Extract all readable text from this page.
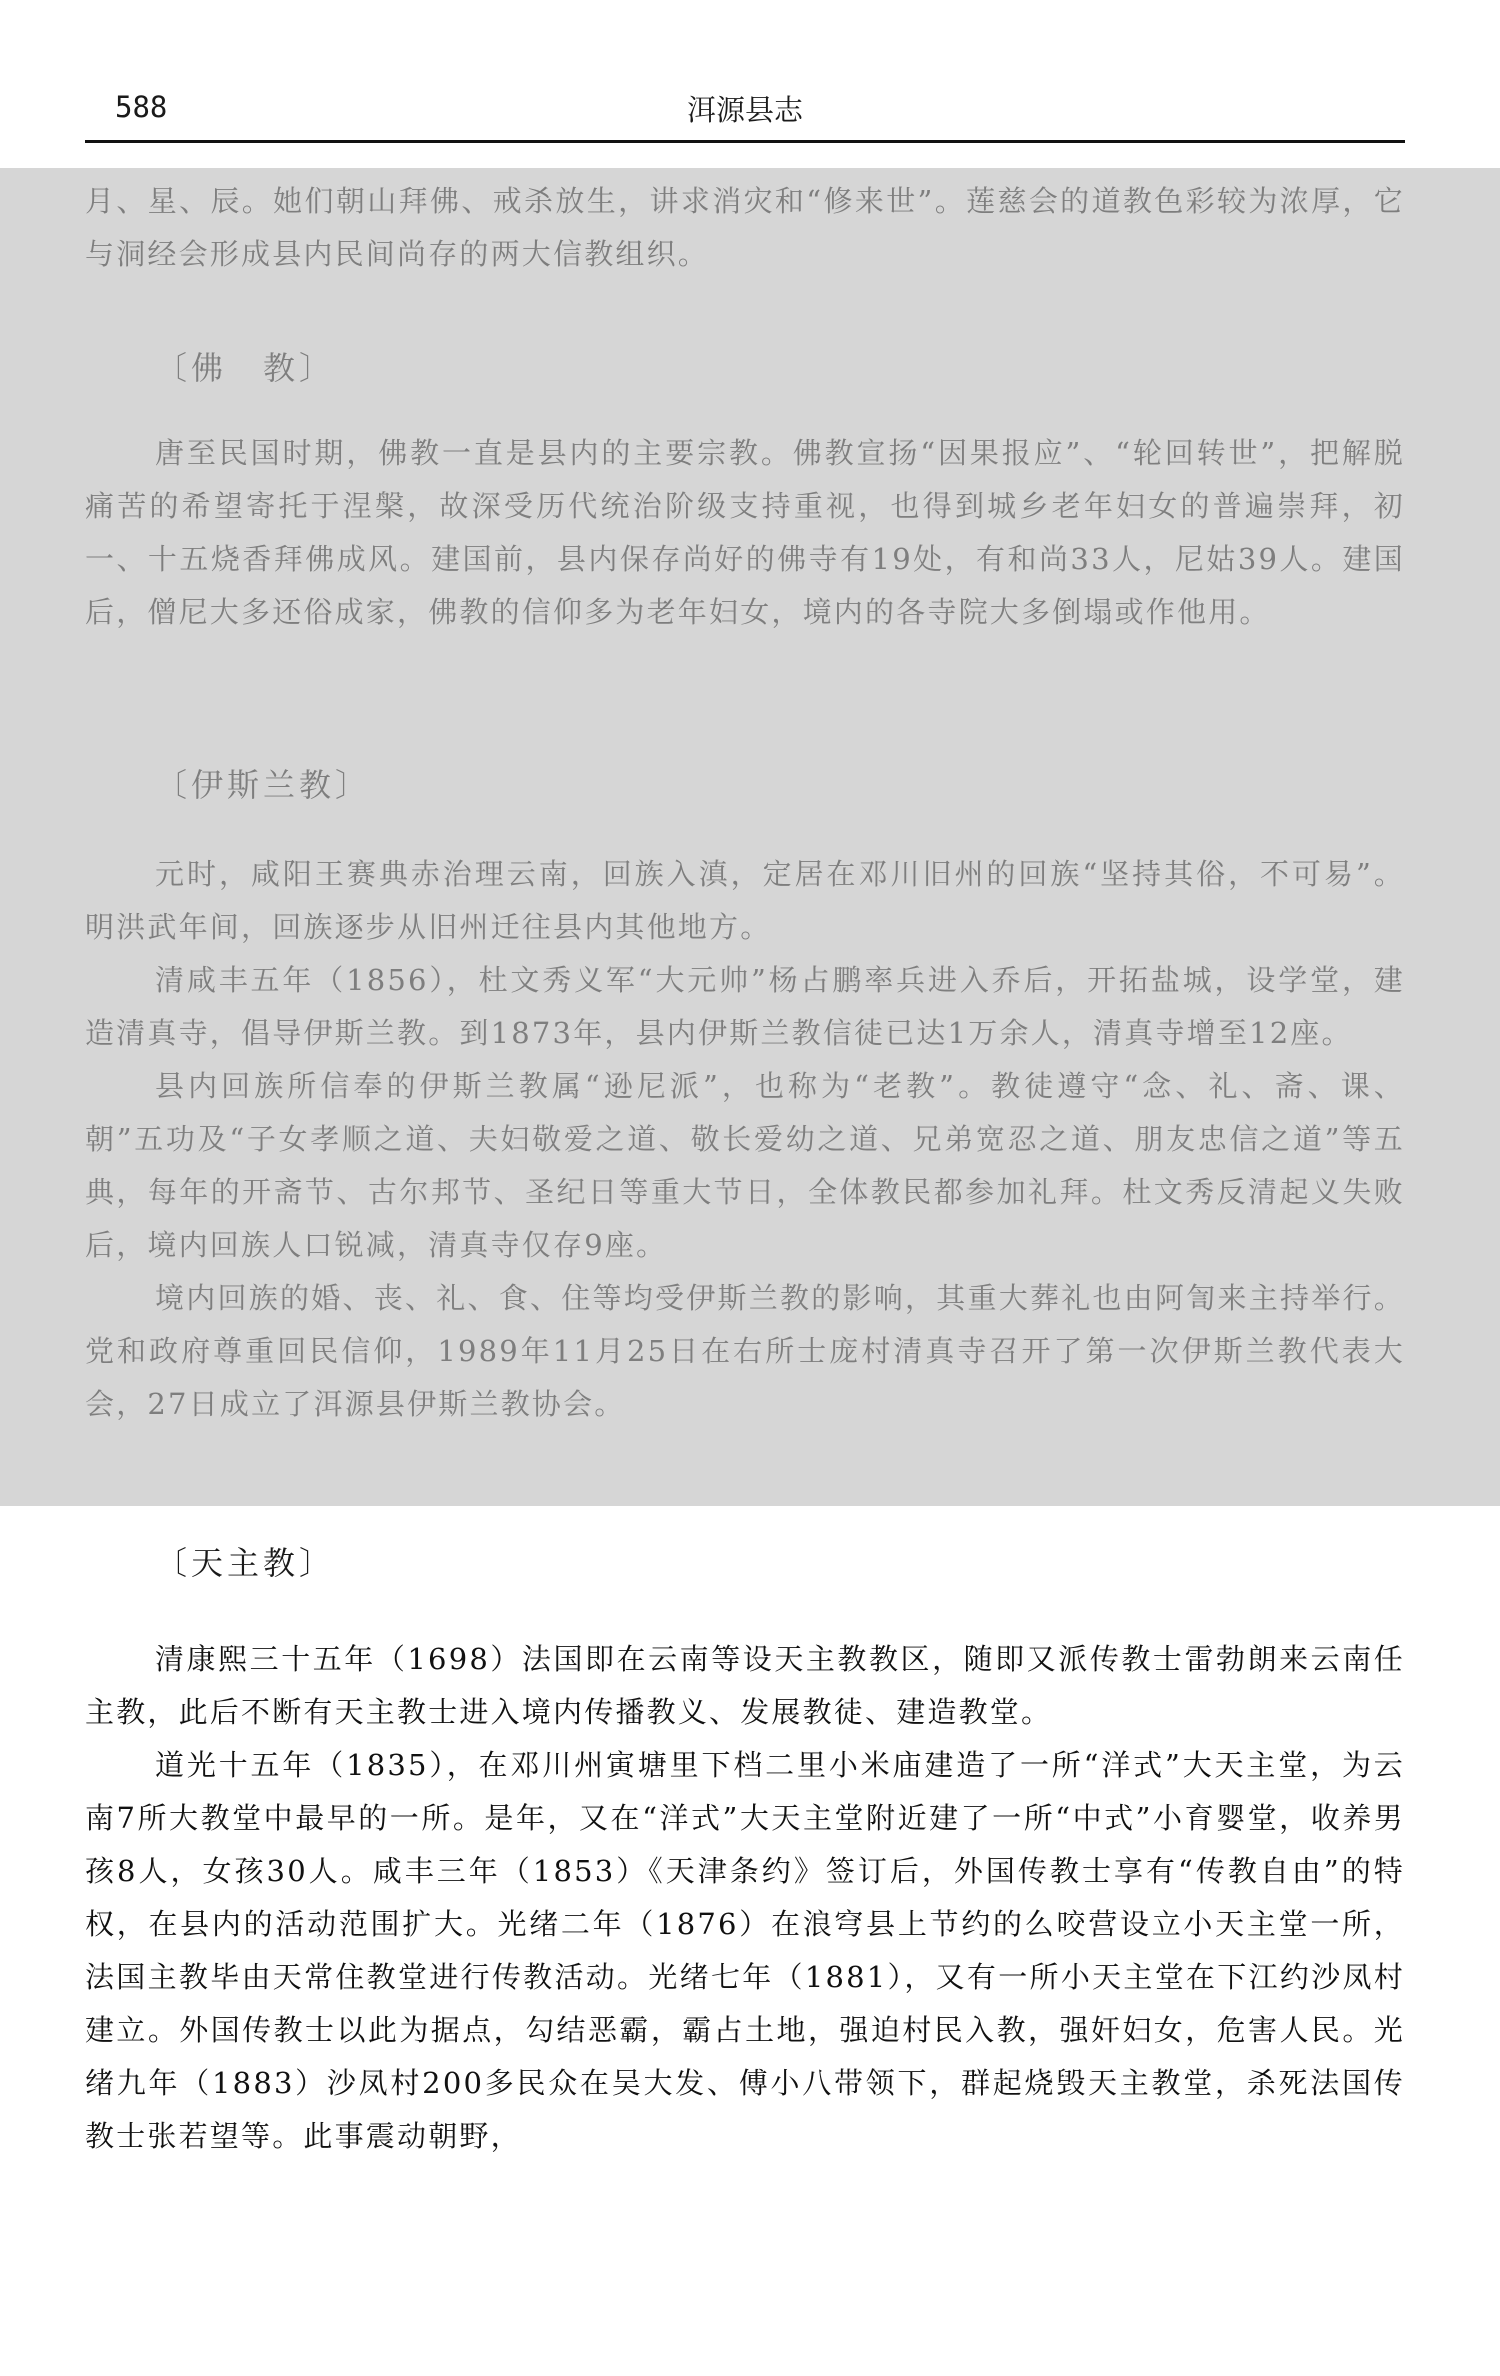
588	洱源县志

月、星、辰。她们朝山拜佛、戒杀放生，讲求消灾和“修来世”。莲慈会的道教色彩较为浓厚，它与洞经会形成县内民间尚存的两大信教组织。

〔佛　教〕

唐至民国时期，佛教一直是县内的主要宗教。佛教宣扬“因果报应”、“轮回转世”，把解脱痛苦的希望寄托于涅槃，故深受历代统治阶级支持重视，也得到城乡老年妇女的普遍崇拜，初一、十五烧香拜佛成风。建国前，县内保存尚好的佛寺有19处，有和尚33人，尼姑39人。建国后，僧尼大多还俗成家，佛教的信仰多为老年妇女，境内的各寺院大多倒塌或作他用。

〔伊斯兰教〕

元时，咸阳王赛典赤治理云南，回族入滇，定居在邓川旧州的回族“坚持其俗，不可易”。明洪武年间，回族逐步从旧州迁往县内其他地方。

清咸丰五年（1856），杜文秀义军“大元帅”杨占鹏率兵进入乔后，开拓盐城，设学堂，建造清真寺，倡导伊斯兰教。到1873年，县内伊斯兰教信徒已达1万余人，清真寺增至12座。

县内回族所信奉的伊斯兰教属“逊尼派”，也称为“老教”。教徒遵守“念、礼、斋、课、朝”五功及“子女孝顺之道、夫妇敬爱之道、敬长爱幼之道、兄弟宽忍之道、朋友忠信之道”等五典，每年的开斋节、古尔邦节、圣纪日等重大节日，全体教民都参加礼拜。杜文秀反清起义失败后，境内回族人口锐减，清真寺仅存9座。

境内回族的婚、丧、礼、食、住等均受伊斯兰教的影响，其重大葬礼也由阿訇来主持举行。党和政府尊重回民信仰，1989年11月25日在右所士庞村清真寺召开了第一次伊斯兰教代表大会，27日成立了洱源县伊斯兰教协会。

〔天主教〕

清康熙三十五年（1698）法国即在云南等设天主教教区，随即又派传教士雷勃朗来云南任主教，此后不断有天主教士进入境内传播教义、发展教徒、建造教堂。

道光十五年（1835），在邓川州寅塘里下档二里小米庙建造了一所“洋式”大天主堂，为云南7所大教堂中最早的一所。是年，又在“洋式”大天主堂附近建了一所“中式”小育婴堂，收养男孩8人，女孩30人。咸丰三年（1853）《天津条约》签订后，外国传教士享有“传教自由”的特权，在县内的活动范围扩大。光绪二年（1876）在浪穹县上节约的么咬营设立小天主堂一所，法国主教毕由天常住教堂进行传教活动。光绪七年（1881），又有一所小天主堂在下江约沙凤村建立。外国传教士以此为据点，勾结恶霸，霸占土地，强迫村民入教，强奸妇女，危害人民。光绪九年（1883）沙凤村200多民众在吴大发、傅小八带领下，群起烧毁天主教堂，杀死法国传教士张若望等。此事震动朝野，
